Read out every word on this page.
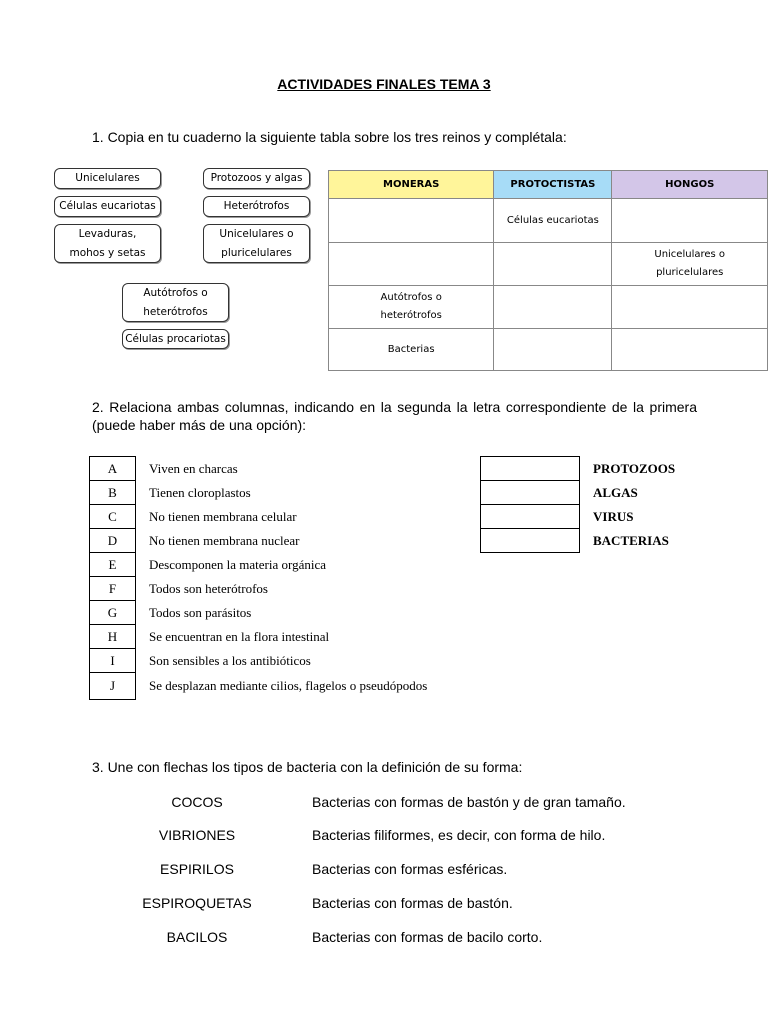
ACTIVIDADES FINALES TEMA 3
1. Copia en tu cuaderno la siguiente tabla sobre los tres reinos y complétala:
Unicelulares	Protozoos y algas
Células eucariotas	Heterótrofos
Levaduras, mohos y setas
Unicelulares o pluricelulares
Autótrofos o heterótrofos
Células procariotas
MONERAS	PROTOCTISTAS	HONGOS
	Células eucariotas	
		Unicelulares o pluricelulares
Autótrofos o heterótrofos		
Bacterias		
2. Relaciona ambas columnas, indicando en la segunda la letra correspondiente de la primera (puede haber más de una opción):
A	Viven en charcas
B	Tienen cloroplastos
C	No tienen membrana celular
D	No tienen membrana nuclear
E	Descomponen la materia orgánica
F	Todos son heterótrofos
G	Todos son parásitos
H	Se encuentran en la flora intestinal
I	Son sensibles a los antibióticos
J	Se desplazan mediante cilios, flagelos o pseudópodos
	PROTOZOOS
	ALGAS
	VIRUS
	BACTERIAS
3. Une con flechas los tipos de bacteria con la definición de su forma:
COCOS	Bacterias con formas de bastón y de gran tamaño.
VIBRIONES	Bacterias filiformes, es decir, con forma de hilo.
ESPIRILOS	Bacterias con formas esféricas.
ESPIROQUETAS	Bacterias con formas de bastón.
BACILOS	Bacterias con formas de bacilo corto.
